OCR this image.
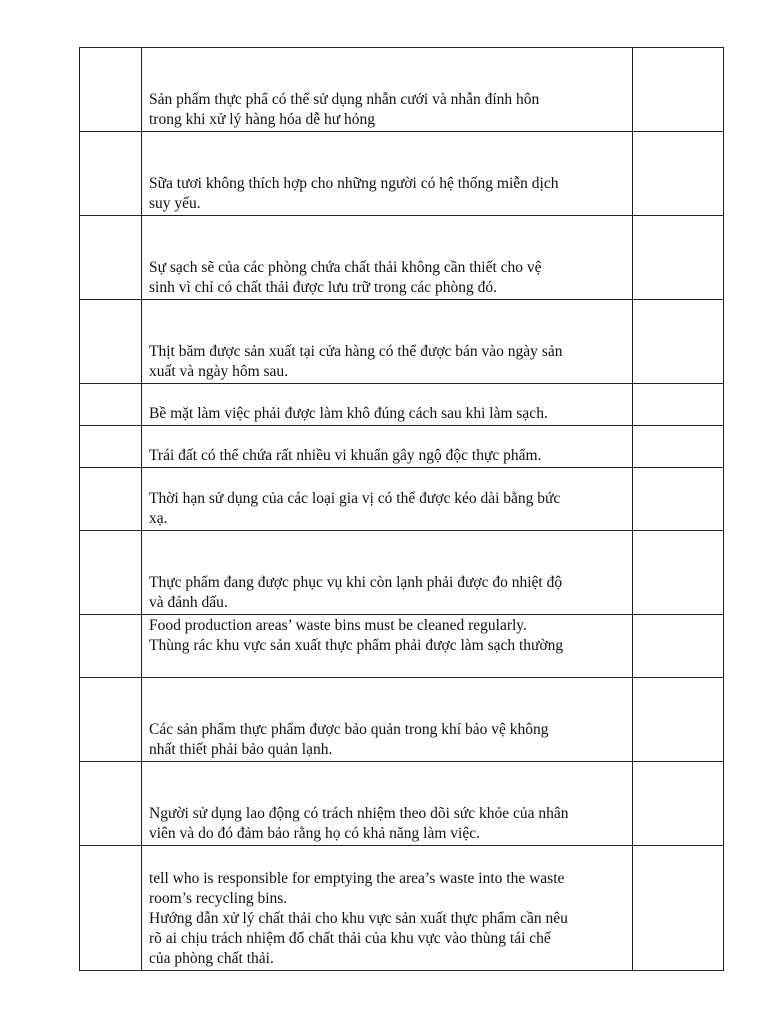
	Sản phẩm thực phẩ có thể sử dụng nhẫn cưới và nhẫn đính hôn
trong khi xử lý hàng hóa dễ hư hỏng	

	Sữa tươi không thích hợp cho những người có hệ thống miễn dịch
suy yếu.	

	Sự sạch sẽ của các phòng chứa chất thải không cần thiết cho vệ
sinh vì chỉ có chất thải được lưu trữ trong các phòng đó.	

	Thịt băm được sản xuất tại cửa hàng có thể được bán vào ngày sản
xuất và ngày hôm sau.	

	Bề mặt làm việc phải được làm khô đúng cách sau khi làm sạch.	

	Trái đất có thể chứa rất nhiều vi khuẩn gây ngộ độc thực phẩm.	

	Thời hạn sử dụng của các loại gia vị có thể được kéo dài bằng bức
xạ.	

	Thực phẩm đang được phục vụ khi còn lạnh phải được đo nhiệt độ
và đánh dấu.	

	Food production areas’ waste bins must be cleaned regularly.
Thùng rác khu vực sản xuất thực phẩm phải được làm sạch thường	

	Các sản phẩm thực phẩm được bảo quản trong khí bảo vệ không
nhất thiết phải bảo quản lạnh.	

	Người sử dụng lao động có trách nhiệm theo dõi sức khỏe của nhân
viên và do đó đảm bảo rằng họ có khả năng làm việc.	

	tell who is responsible for emptying the area’s waste into the waste
room’s recycling bins.
Hướng dẫn xử lý chất thải cho khu vực sản xuất thực phẩm cần nêu
rõ ai chịu trách nhiệm đổ chất thải của khu vực vào thùng tái chế
của phòng chất thải.	
